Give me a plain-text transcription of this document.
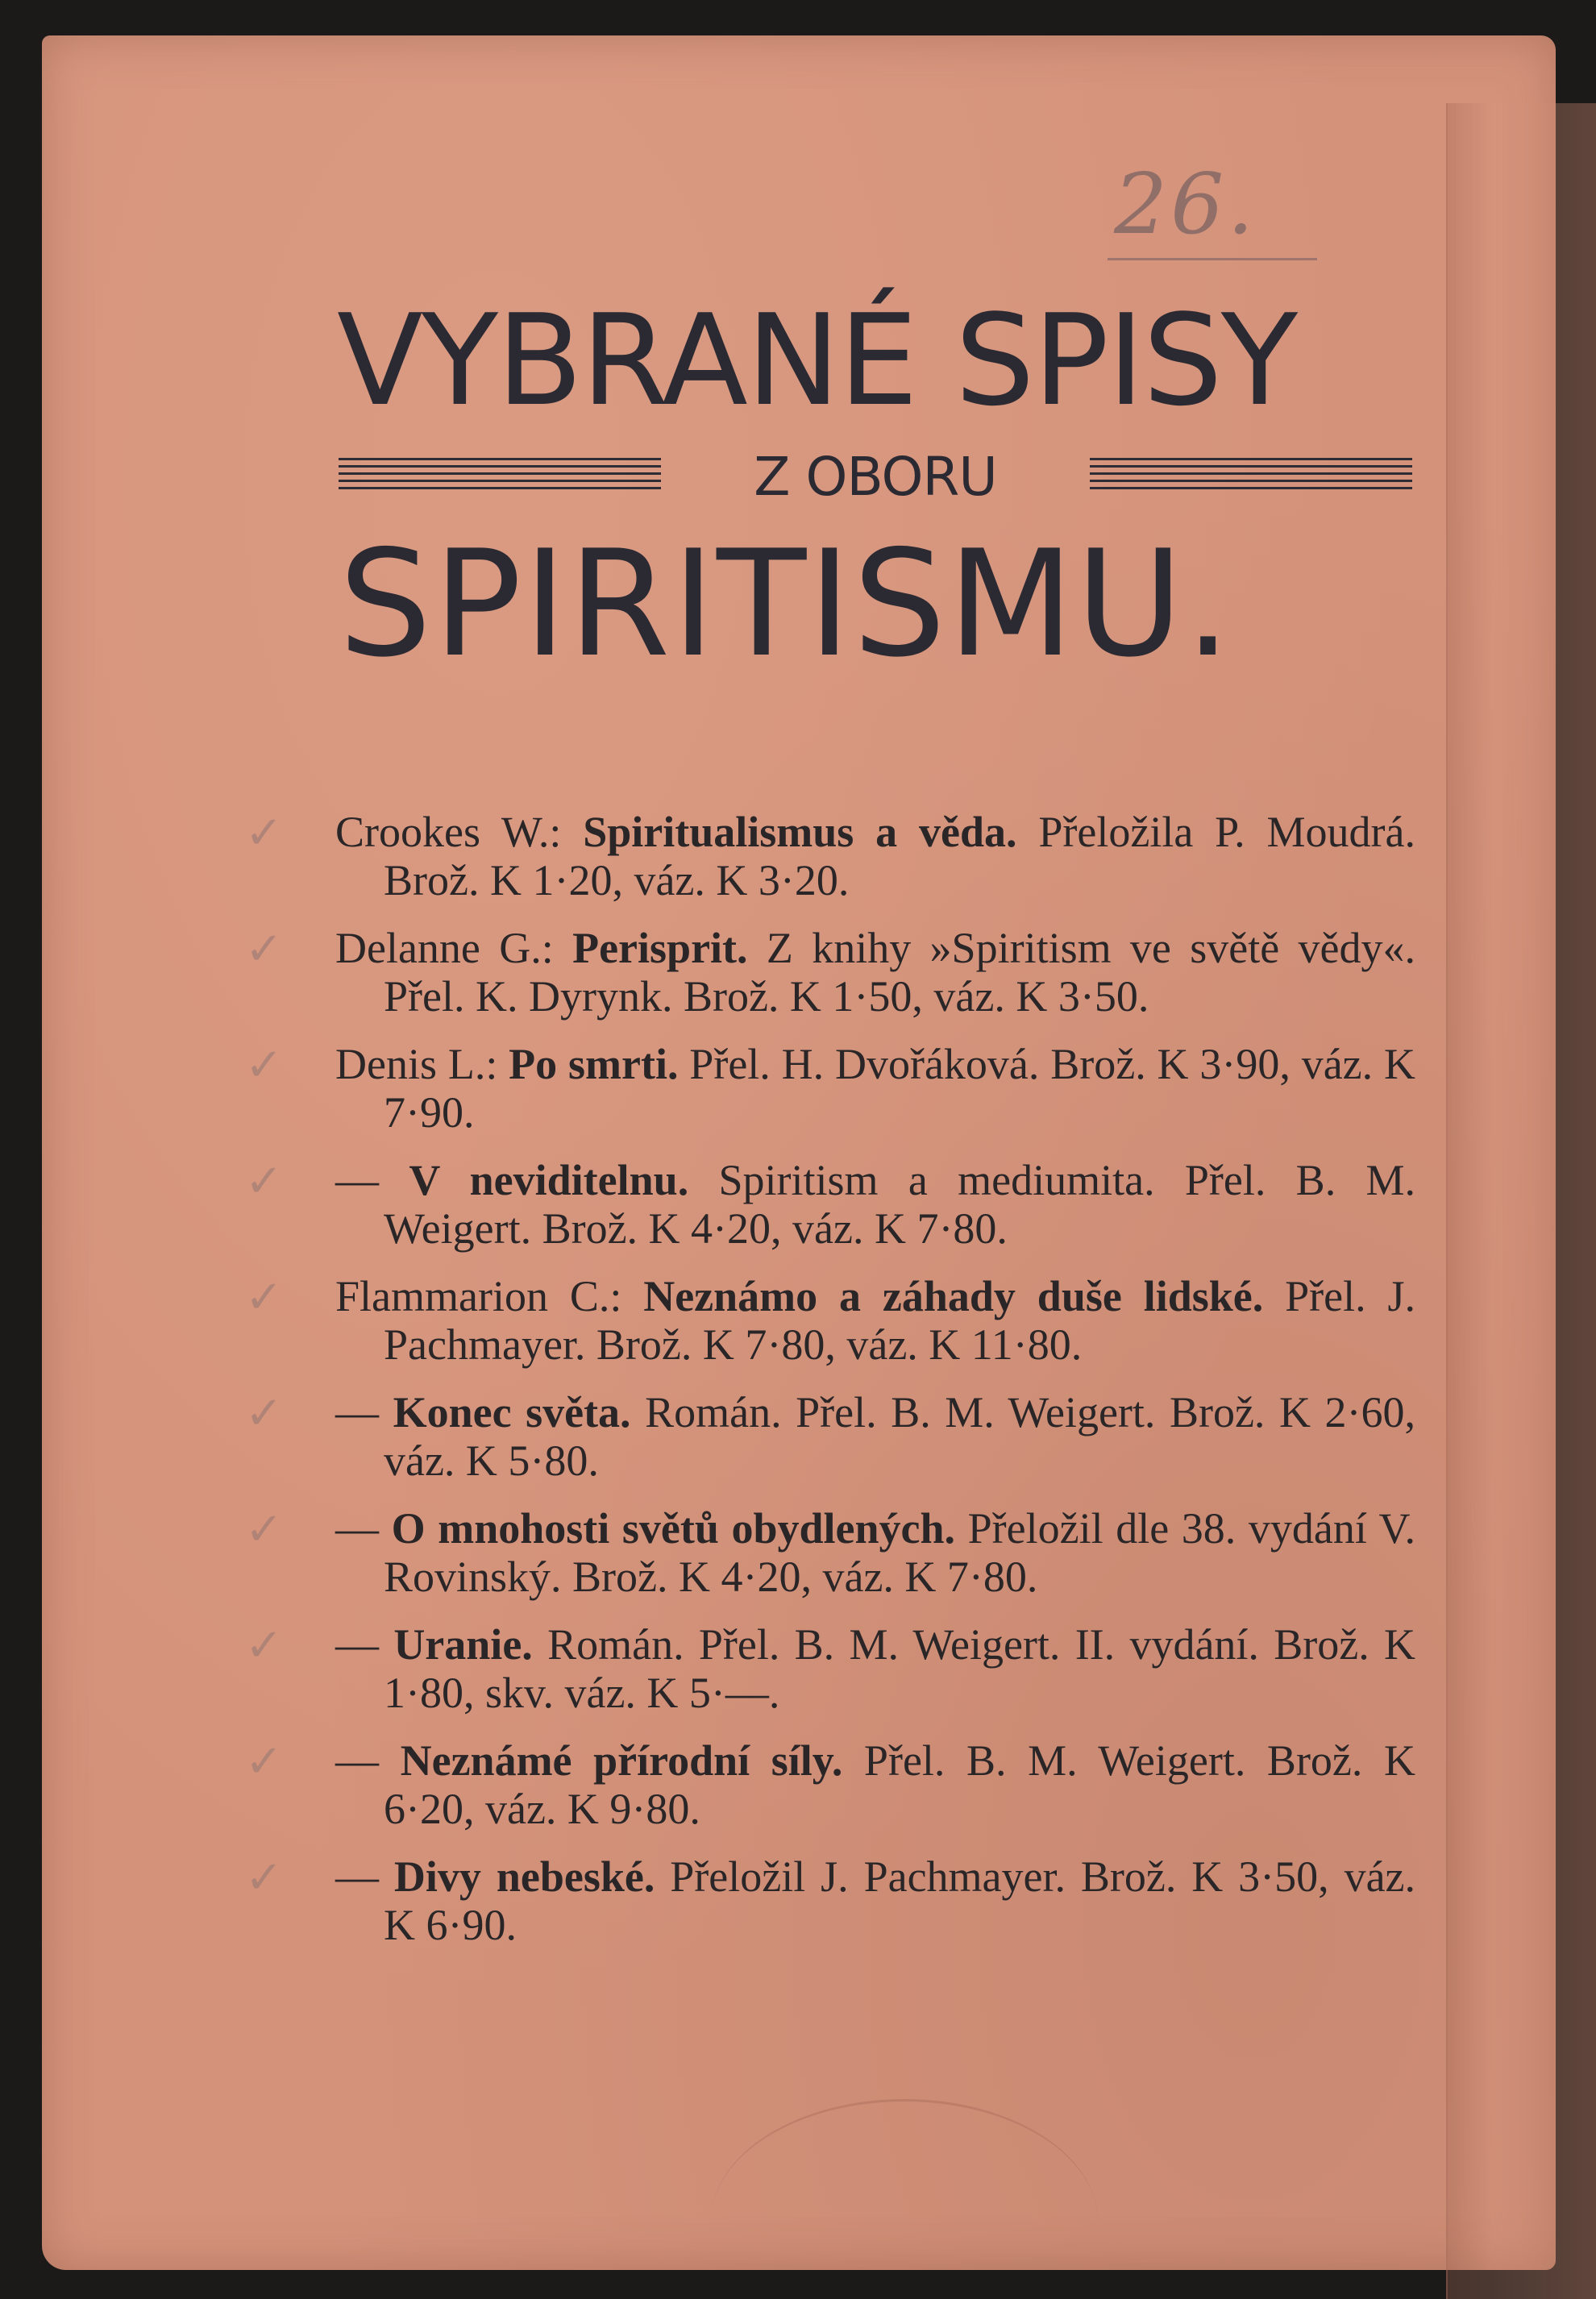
26.
VYBRANÉ SPISY
Z OBORU
SPIRITISMU.
✓	Crookes W.: Spiritualismus a věda. Přeložila P. Moudrá. Brož. K 1·20, váz. K 3·20.
✓	Delanne G.: Perisprit. Z knihy »Spiritism ve světě vědy«. Přel. K. Dyrynk. Brož. K 1·50, váz. K 3·50.
✓	Denis L.: Po smrti. Přel. H. Dvořáková. Brož. K 3·90, váz. K 7·90.
✓	— V neviditelnu. Spiritism a mediumita. Přel. B. M. Weigert. Brož. K 4·20, váz. K 7·80.
✓	Flammarion C.: Neznámo a záhady duše lidské. Přel. J. Pachmayer. Brož. K 7·80, váz. K 11·80.
✓	— Konec světa. Román. Přel. B. M. Weigert. Brož. K 2·60, váz. K 5·80.
✓	— O mnohosti světů obydlených. Přeložil dle 38. vydání V. Rovinský. Brož. K 4·20, váz. K 7·80.
✓	— Uranie. Román. Přel. B. M. Weigert. II. vydání. Brož. K 1·80, skv. váz. K 5·—.
✓	— Neznámé přírodní síly. Přel. B. M. Weigert. Brož. K 6·20, váz. K 9·80.
✓	— Divy nebeské. Přeložil J. Pachmayer. Brož. K 3·50, váz. K 6·90.
